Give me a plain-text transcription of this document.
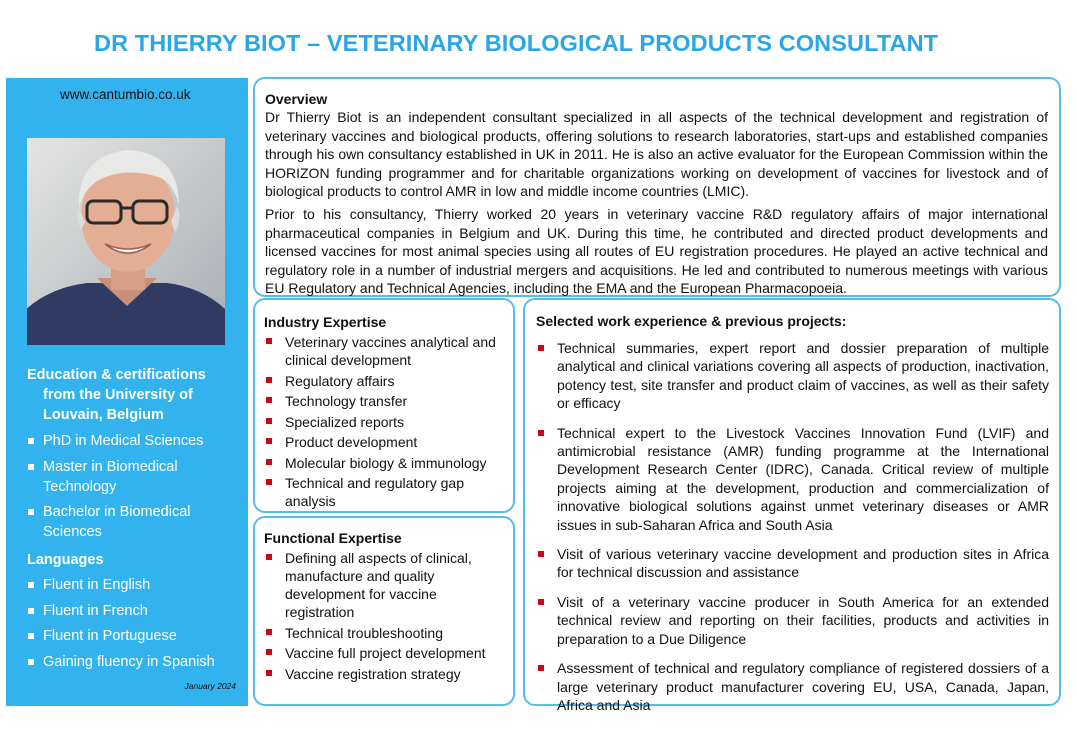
DR THIERRY BIOT – VETERINARY BIOLOGICAL PRODUCTS CONSULTANT
www.cantumbio.co.uk
Education & certifications
from the University of Louvain, Belgium
PhD in Medical Sciences
Master in Biomedical Technology
Bachelor in Biomedical Sciences
Languages
Fluent in English
Fluent in French
Fluent in Portuguese
Gaining fluency in Spanish
January 2024
Overview

Dr Thierry Biot is an independent consultant specialized in all aspects of the technical development and registration of veterinary vaccines and biological products, offering solutions to research laboratories, start-ups and established companies through his own consultancy established in UK in 2011. He is also an active evaluator for the European Commission within the HORIZON funding programmer and for charitable organizations working on development of vaccines for livestock and of biological products to control AMR in low and middle income countries (LMIC).

Prior to his consultancy, Thierry worked 20 years in veterinary vaccine R&D regulatory affairs of major international pharmaceutical companies in Belgium and UK. During this time, he contributed and directed product developments and licensed vaccines for most animal species using all routes of EU registration procedures. He played an active technical and regulatory role in a number of industrial mergers and acquisitions. He led and contributed to numerous meetings with various EU Regulatory and Technical Agencies, including the EMA and the European Pharmacopoeia.

Industry Expertise
Veterinary vaccines analytical and clinical development
Regulatory affairs
Technology transfer
Specialized reports
Product development
Molecular biology & immunology
Technical and regulatory gap analysis
Functional Expertise
Defining all aspects of clinical, manufacture and quality development for vaccine registration
Technical troubleshooting
Vaccine full project development
Vaccine registration strategy
Selected work experience & previous projects:
Technical summaries, expert report and dossier preparation of multiple analytical and clinical variations covering all aspects of production, inactivation, potency test, site transfer and product claim of vaccines, as well as their safety or efficacy
Technical expert to the Livestock Vaccines Innovation Fund (LVIF) and antimicrobial resistance (AMR) funding programme at the International Development Research Center (IDRC), Canada. Critical review of multiple projects aiming at the development, production and commercialization of innovative biological solutions against unmet veterinary diseases or AMR issues in sub-Saharan Africa and South Asia
Visit of various veterinary vaccine development and production sites in Africa for technical discussion and assistance
Visit of a veterinary vaccine producer in South America for an extended technical review and reporting on their facilities, products and activities in preparation to a Due Diligence
Assessment of technical and regulatory compliance of registered dossiers of a large veterinary product manufacturer covering EU, USA, Canada, Japan, Africa and Asia
